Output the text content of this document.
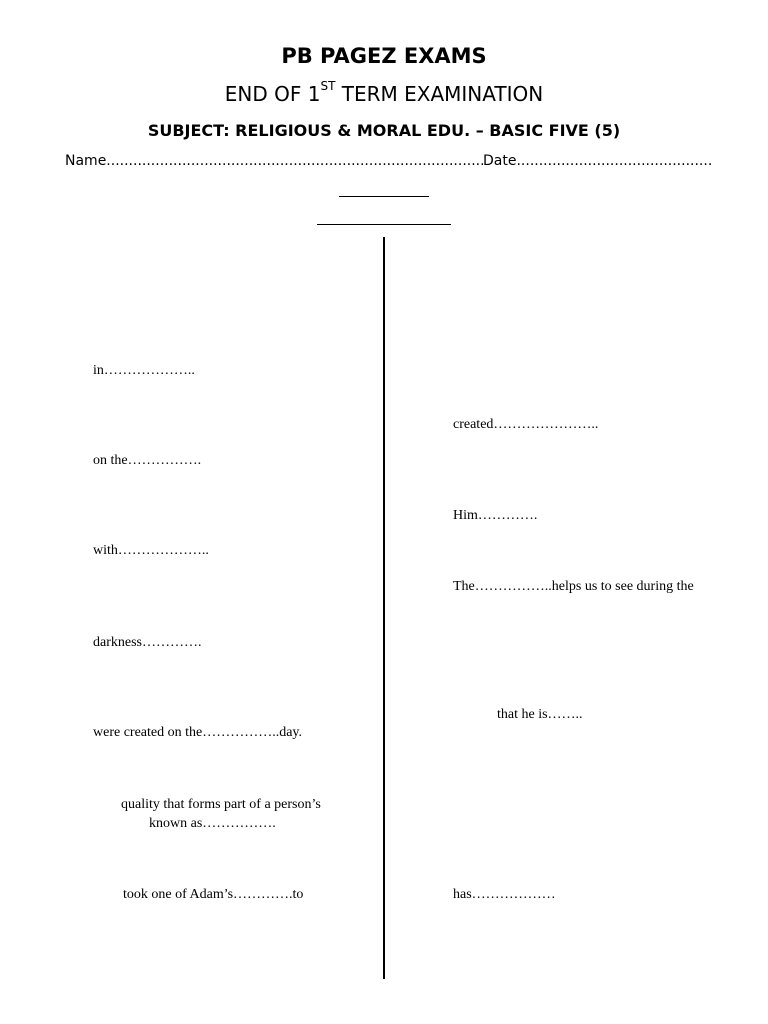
PB PAGEZ EXAMS
END OF 1ST TERM EXAMINATION
SUBJECT: RELIGIOUS & MORAL EDU. – BASIC FIVE (5)
Name.....................................................................................
Date............................................
in………………..
on the…………….
with………………..
darkness………….
were created on the……………..day.
quality that forms part of a person’s
known as…………….
took one of Adam’s………….to
created…………………..
Him………….
The……………..helps us to see during the
that he is……..
has………………
